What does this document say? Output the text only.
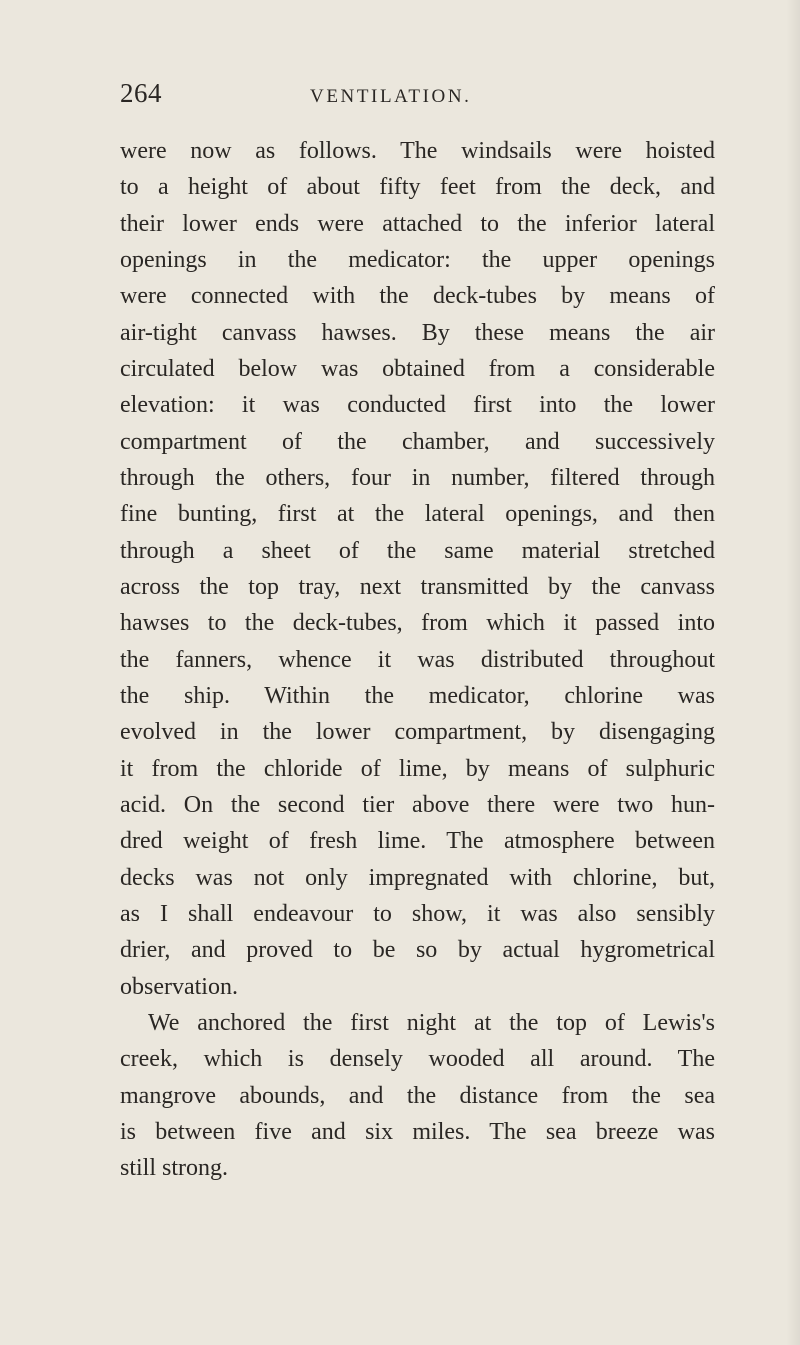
264	VENTILATION.
were now as follows. The windsails were hoisted
to a height of about fifty feet from the deck, and
their lower ends were attached to the inferior lateral
openings in the medicator: the upper openings
were connected with the deck-tubes by means of
air-tight canvass hawses. By these means the air
circulated below was obtained from a considerable
elevation: it was conducted first into the lower
compartment of the chamber, and successively
through the others, four in number, filtered through
fine bunting, first at the lateral openings, and then
through a sheet of the same material stretched
across the top tray, next transmitted by the canvass
hawses to the deck-tubes, from which it passed into
the fanners, whence it was distributed throughout
the ship. Within the medicator, chlorine was
evolved in the lower compartment, by disengaging
it from the chloride of lime, by means of sulphuric
acid. On the second tier above there were two hun-
dred weight of fresh lime. The atmosphere between
decks was not only impregnated with chlorine, but,
as I shall endeavour to show, it was also sensibly
drier, and proved to be so by actual hygrometrical
observation.
We anchored the first night at the top of Lewis's
creek, which is densely wooded all around. The
mangrove abounds, and the distance from the sea
is between five and six miles. The sea breeze was
still strong.
